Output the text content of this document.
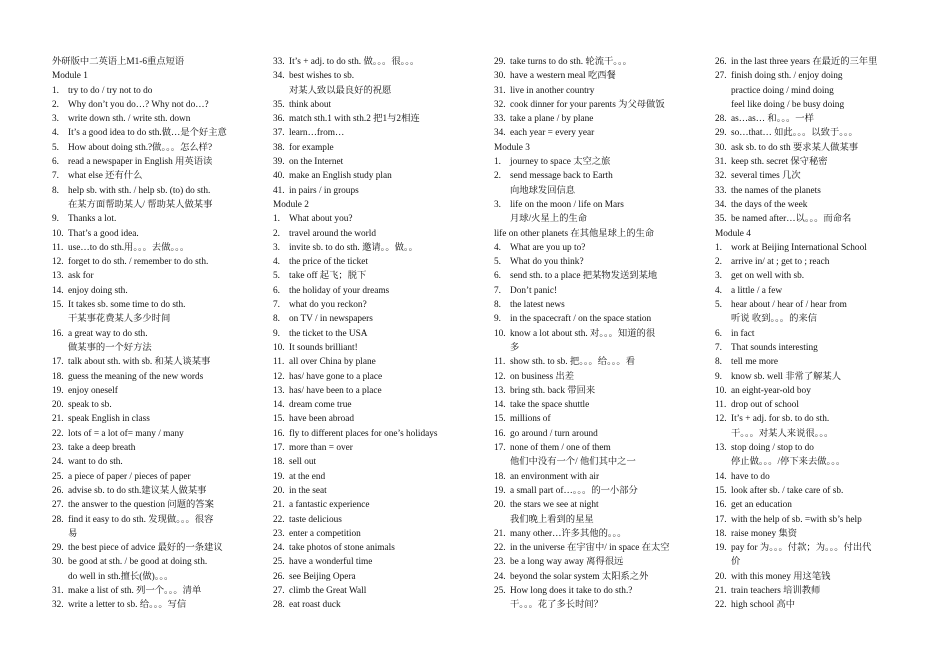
外研版中二英语上M1-6重点短语
Module 1
1. try to do / try not to do
2. Why don’t you do…? Why not do…?
3. write down sth. / write sth. down
4. It’s a good idea to do sth.做…是个好主意
5. How about doing sth.?做。。。怎么样?
6. read a newspaper in English 用英语读
7. what else 还有什么
8. help sb. with sth. / help sb. (to) do sth.
在某方面帮助某人/ 帮助某人做某事
9. Thanks a lot.
10. That’s a good idea.
11. use…to do sth.用。。。去做。。。
12. forget to do sth. / remember to do sth.
13. ask for
14. enjoy doing sth.
15. It takes sb. some time to do sth.
干某事花费某人多少时间
16. a great way to do sth.
做某事的一个好方法
17. talk about sth. with sb. 和某人谈某事
18. guess the meaning of the new words
19. enjoy oneself
20. speak to sb.
21. speak English in class
22. lots of = a lot of= many / many
23. take a deep breath
24. want to do sth.
25. a piece of paper / pieces of paper
26. advise sb. to do sth.建议某人做某事
27. the answer to the question 问题的答案
28. find it easy to do sth. 发现做。。。很容
易
29. the best piece of advice 最好的一条建议
30. be good at sth. / be good at doing sth.
do well in sth.擅长(做)。。。
31. make a list of sth. 列一个。。。清单
32. write a letter to sb. 给。。。写信
33. It’s + adj. to do sth. 做。。。很。。。
34. best wishes to sb.
对某人致以最良好的祝愿
35. think about
36. match sth.1 with sth.2 把1与2相连
37. learn…from…
38. for example
39. on the Internet
40. make an English study plan
41. in pairs / in groups
Module 2
1. What about you?
2. travel around the world
3. invite sb. to do sth. 邀请。。做。。
4. the price of the ticket
5. take off 起飞；脱下
6. the holiday of your dreams
7. what do you reckon?
8. on TV / in newspapers
9. the ticket to the USA
10. It sounds brilliant!
11. all over China by plane
12. has/ have gone to a place
13. has/ have been to a place
14. dream come true
15. have been abroad
16. fly to different places for one’s holidays
17. more than = over
18. sell out
19. at the end
20. in the seat
21. a fantastic experience
22. taste delicious
23. enter a competition
24. take photos of stone animals
25. have a wonderful time
26. see Beijing Opera
27. climb the Great Wall
28. eat roast duck
29. take turns to do sth. 轮流干。。。
30. have a western meal 吃西餐
31. live in another country
32. cook dinner for your parents 为父母做饭
33. take a plane / by plane
34. each year = every year
Module 3
1. journey to space 太空之旅
2. send message back to Earth
向地球发回信息
3. life on the moon / life on Mars
月球/火星上的生命
life on other planets 在其他星球上的生命
4. What are you up to?
5. What do you think?
6. send sth. to a place 把某物发送到某地
7. Don’t panic!
8. the latest news
9. in the spacecraft / on the space station
10. know a lot about sth. 对。。。知道的很
多
11. show sth. to sb. 把。。。给。。。看
12. on business 出差
13. bring sth. back 带回来
14. take the space shuttle
15. millions of
16. go around / turn around
17. none of them / one of them
他们中没有一个/ 他们其中之一
18. an environment with air
19. a small part of…。。。的一小部分
20. the stars we see at night
我们晚上看到的星星
21. many other…许多其他的。。。
22. in the universe 在宇宙中/ in space 在太空
23. be a long way away 离得很远
24. beyond the solar system 太阳系之外
25. How long does it take to do sth.?
干。。。花了多长时间？
26. in the last three years 在最近的三年里
27. finish doing sth. / enjoy doing
practice doing / mind doing
feel like doing / be busy doing
28. as…as… 和。。。一样
29. so…that… 如此。。。以致于。。。
30. ask sb. to do sth 要求某人做某事
31. keep sth. secret 保守秘密
32. several times 几次
33. the names of the planets
34. the days of the week
35. be named after…以。。。而命名
Module 4
1. work at Beijing International School
2. arrive in/ at ; get to ; reach
3. get on well with sb.
4. a little / a few
5. hear about / hear of / hear from
听说 收到。。。的来信
6. in fact
7. That sounds interesting
8. tell me more
9. know sb. well 非常了解某人
10. an eight-year-old boy
11. drop out of school
12. It’s + adj. for sb. to do sth.
干。。。对某人来说很。。。
13. stop doing / stop to do
停止做。。。/停下来去做。。。
14. have to do
15. look after sb. / take care of sb.
16. get an education
17. with the help of sb. =with sb’s help
18. raise money 集资
19. pay for 为。。。付款；为。。。付出代
价
20. with this money 用这笔钱
21. train teachers 培训教师
22. high school 高中
